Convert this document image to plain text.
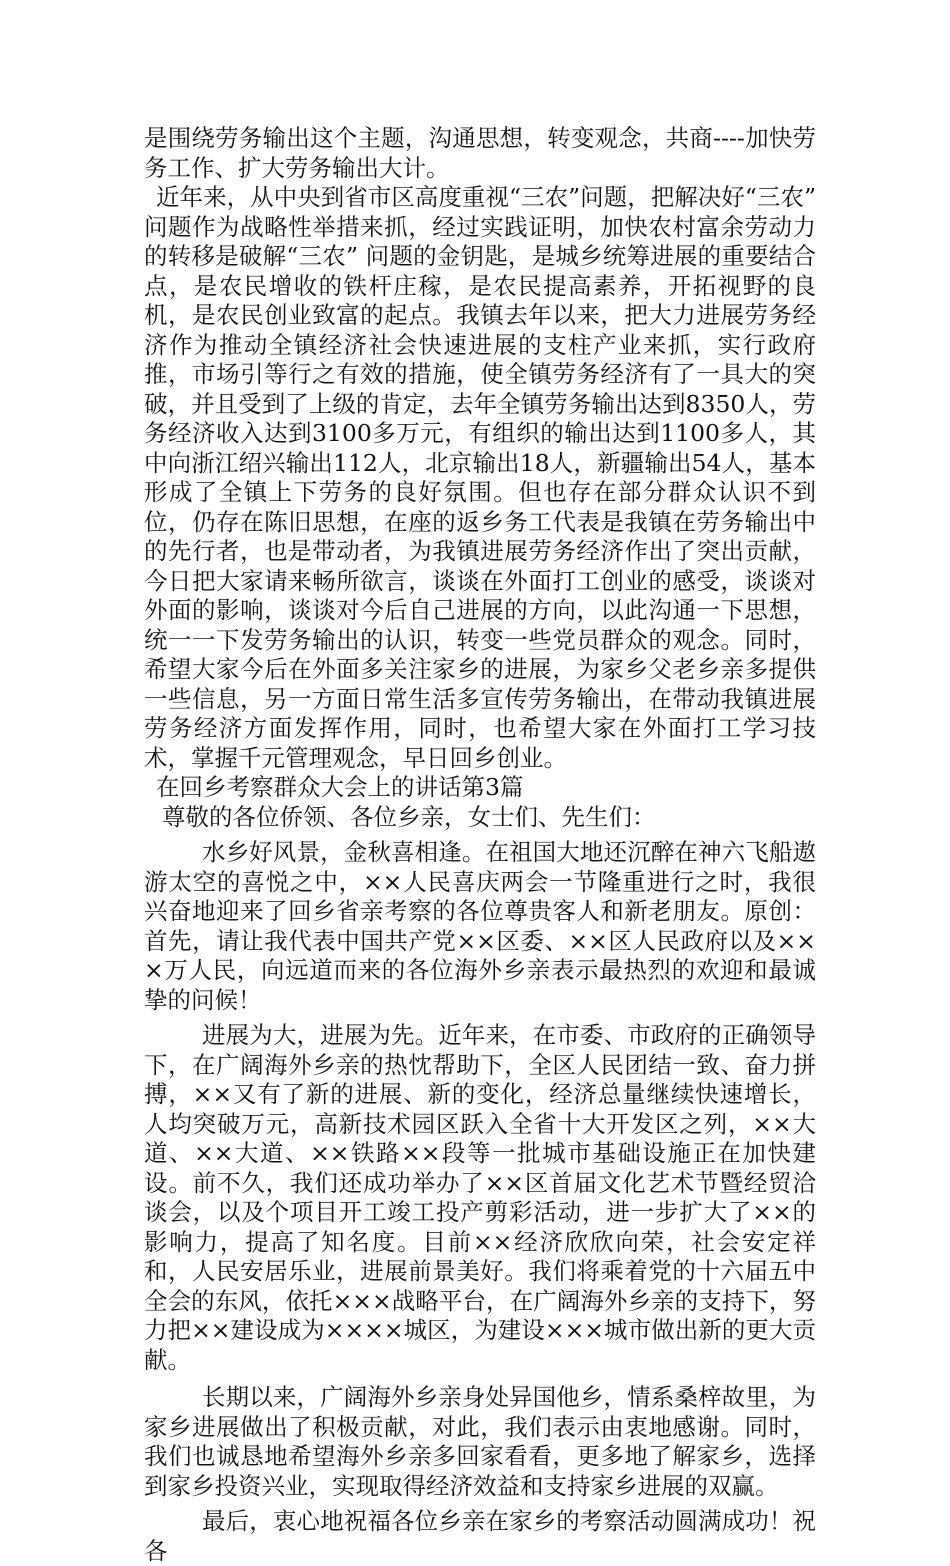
是围绕劳务输出这个主题，沟通思想，转变观念，共商----加快劳务工作、扩大劳务输出大计。

近年来，从中央到省市区高度重视“三农”问题，把解决好“三农” 问题作为战略性举措来抓，经过实践证明，加快农村富余劳动力的转移是破解“三农” 问题的金钥匙，是城乡统筹进展的重要结合点，是农民增收的铁杆庄稼，是农民提高素养，开拓视野的良机，是农民创业致富的起点。我镇去年以来，把大力进展劳务经济作为推动全镇经济社会快速进展的支柱产业来抓，实行政府推，市场引等行之有效的措施，使全镇劳务经济有了一具大的突破，并且受到了上级的肯定，去年全镇劳务输出达到8350人，劳务经济收入达到3100多万元，有组织的输出达到1100多人，其中向浙江绍兴输出112人，北京输出18人，新疆输出54人，基本形成了全镇上下劳务的良好氛围。但也存在部分群众认识不到位，仍存在陈旧思想，在座的返乡务工代表是我镇在劳务输出中的先行者，也是带动者，为我镇进展劳务经济作出了突出贡献，今日把大家请来畅所欲言，谈谈在外面打工创业的感受，谈谈对外面的影响，谈谈对今后自己进展的方向，以此沟通一下思想，统一一下发劳务输出的认识，转变一些党员群众的观念。同时，希望大家今后在外面多关注家乡的进展，为家乡父老乡亲多提供一些信息，另一方面日常生活多宣传劳务输出，在带动我镇进展劳务经济方面发挥作用，同时，也希望大家在外面打工学习技术，掌握千元管理观念，早日回乡创业。

在回乡考察群众大会上的讲话第3篇

尊敬的各位侨领、各位乡亲，女士们、先生们：

水乡好风景，金秋喜相逢。在祖国大地还沉醉在神六飞船遨游太空的喜悦之中，××人民喜庆两会一节隆重进行之时，我很兴奋地迎来了回乡省亲考察的各位尊贵客人和新老朋友。原创：首先，请让我代表中国共产党××区委、××区人民政府以及×××万人民，向远道而来的各位海外乡亲表示最热烈的欢迎和最诚挚的问候！

进展为大，进展为先。近年来，在市委、市政府的正确领导下，在广阔海外乡亲的热忱帮助下，全区人民团结一致、奋力拼搏，××又有了新的进展、新的变化，经济总量继续快速增长，人均突破万元，高新技术园区跃入全省十大开发区之列，××大道、××大道、××铁路××段等一批城市基础设施正在加快建设。前不久，我们还成功举办了××区首届文化艺术节暨经贸洽谈会，以及个项目开工竣工投产剪彩活动，进一步扩大了××的影响力，提高了知名度。目前××经济欣欣向荣，社会安定祥和，人民安居乐业，进展前景美好。我们将乘着党的十六届五中全会的东风，依托×××战略平台，在广阔海外乡亲的支持下，努力把××建设成为××××城区，为建设×××城市做出新的更大贡献。

长期以来，广阔海外乡亲身处异国他乡，情系桑梓故里，为家乡进展做出了积极贡献，对此，我们表示由衷地感谢。同时，我们也诚恳地希望海外乡亲多回家看看，更多地了解家乡，选择到家乡投资兴业，实现取得经济效益和支持家乡进展的双赢。

最后，衷心地祝福各位乡亲在家乡的考察活动圆满成功！祝各
